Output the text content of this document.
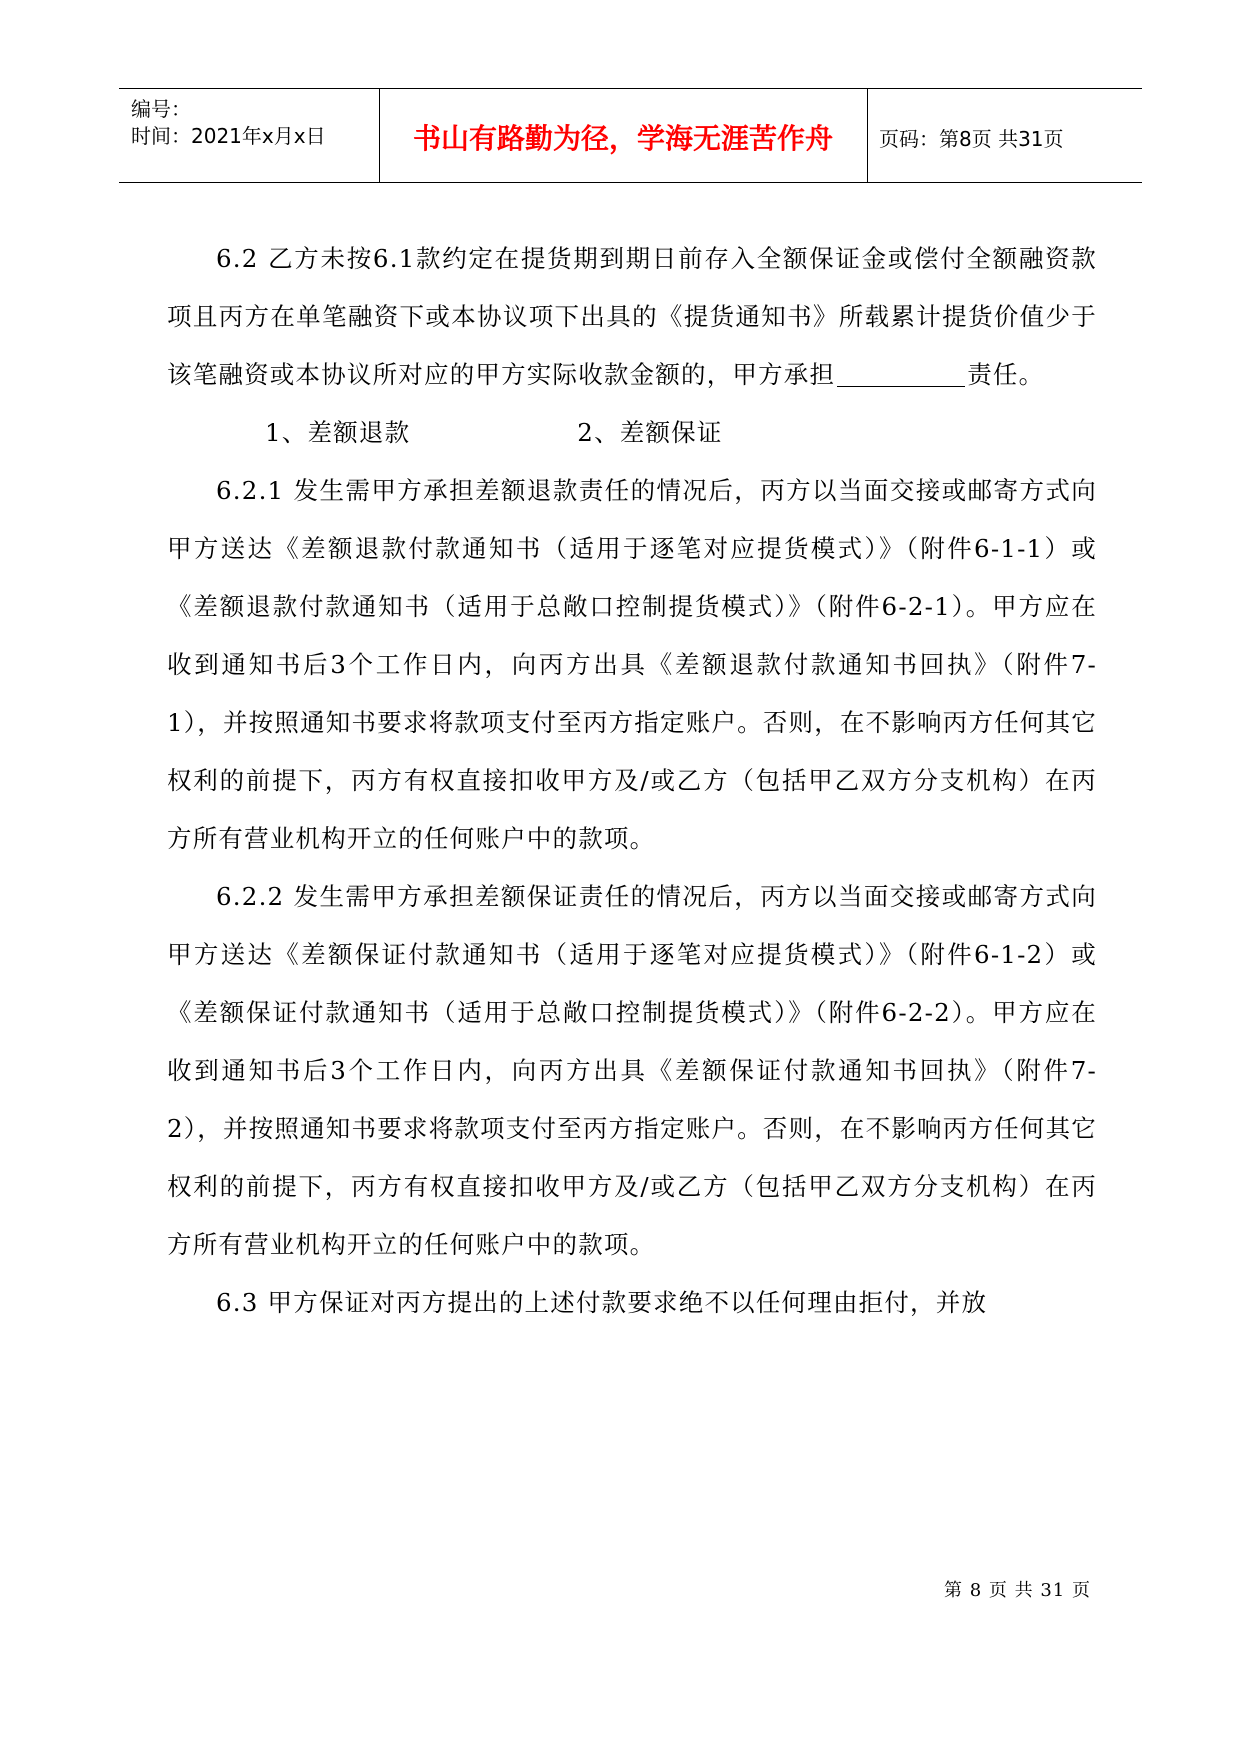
编号：
时间：2021年x月x日	书山有路勤为径，学海无涯苦作舟	页码：第8页 共31页

6.2 乙方未按6.1款约定在提货期到期日前存入全额保证金或偿付全额融资款项且丙方在单笔融资下或本协议项下出具的《提货通知书》所载累计提货价值少于该笔融资或本协议所对应的甲方实际收款金额的，甲方承担	责任。

1、差额退款	2、差额保证

6.2.1 发生需甲方承担差额退款责任的情况后，丙方以当面交接或邮寄方式向甲方送达《差额退款付款通知书（适用于逐笔对应提货模式）》（附件6-1-1）或《差额退款付款通知书（适用于总敞口控制提货模式）》（附件6-2-1）。甲方应在收到通知书后3个工作日内，向丙方出具《差额退款付款通知书回执》（附件7-1），并按照通知书要求将款项支付至丙方指定账户。否则，在不影响丙方任何其它权利的前提下，丙方有权直接扣收甲方及/或乙方（包括甲乙双方分支机构）在丙方所有营业机构开立的任何账户中的款项。

6.2.2 发生需甲方承担差额保证责任的情况后，丙方以当面交接或邮寄方式向甲方送达《差额保证付款通知书（适用于逐笔对应提货模式）》（附件6-1-2）或《差额保证付款通知书（适用于总敞口控制提货模式）》（附件6-2-2）。甲方应在收到通知书后3个工作日内，向丙方出具《差额保证付款通知书回执》（附件7-2），并按照通知书要求将款项支付至丙方指定账户。否则，在不影响丙方任何其它权利的前提下，丙方有权直接扣收甲方及/或乙方（包括甲乙双方分支机构）在丙方所有营业机构开立的任何账户中的款项。

6.3 甲方保证对丙方提出的上述付款要求绝不以任何理由拒付，并放

第 8 页 共 31 页
